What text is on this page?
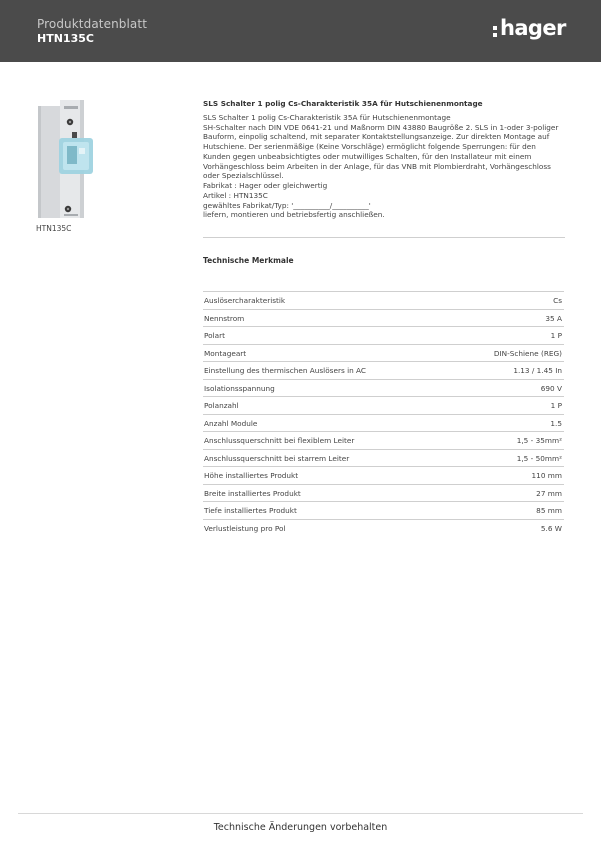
Produktdatenblatt
HTN135C	hager
HTN135C
SLS Schalter 1 polig Cs-Charakteristik 35A für Hutschienenmontage
SLS Schalter 1 polig Cs-Charakteristik 35A für Hutschienenmontage
SH-Schalter nach DIN VDE 0641-21 und Maßnorm DIN 43880 Baugröße 2. SLS in 1-oder 3-poliger Bauform, einpolig schaltend, mit separater Kontaktstellungsanzeige. Zur direkten Montage auf Hutschiene. Der serienmäßige (Keine Vorschläge) ermöglicht folgende Sperrungen: für den Kunden gegen unbeabsichtigtes oder mutwilliges Schalten, für den Installateur mit einem Vorhängeschloss beim Arbeiten in der Anlage, für das VNB mit Plombierdraht, Vorhängeschloss oder Spezialschlüssel.
Fabrikat : Hager oder gleichwertig
Artikel : HTN135C
gewähltes Fabrikat/Typ: '__________/__________'
liefern, montieren und betriebsfertig anschließen.
Technische Merkmale
Auslösercharakteristik	Cs
Nennstrom	35 A
Polart	1 P
Montageart	DIN-Schiene (REG)
Einstellung des thermischen Auslösers in AC	1.13 / 1.45 In
Isolationsspannung	690 V
Polanzahl	1 P
Anzahl Module	1.5
Anschlussquerschnitt bei flexiblem Leiter	1,5 - 35mm²
Anschlussquerschnitt bei starrem Leiter	1,5 - 50mm²
Höhe installiertes Produkt	110 mm
Breite installiertes Produkt	27 mm
Tiefe installiertes Produkt	85 mm
Verlustleistung pro Pol	5.6 W
Technische Änderungen vorbehalten
